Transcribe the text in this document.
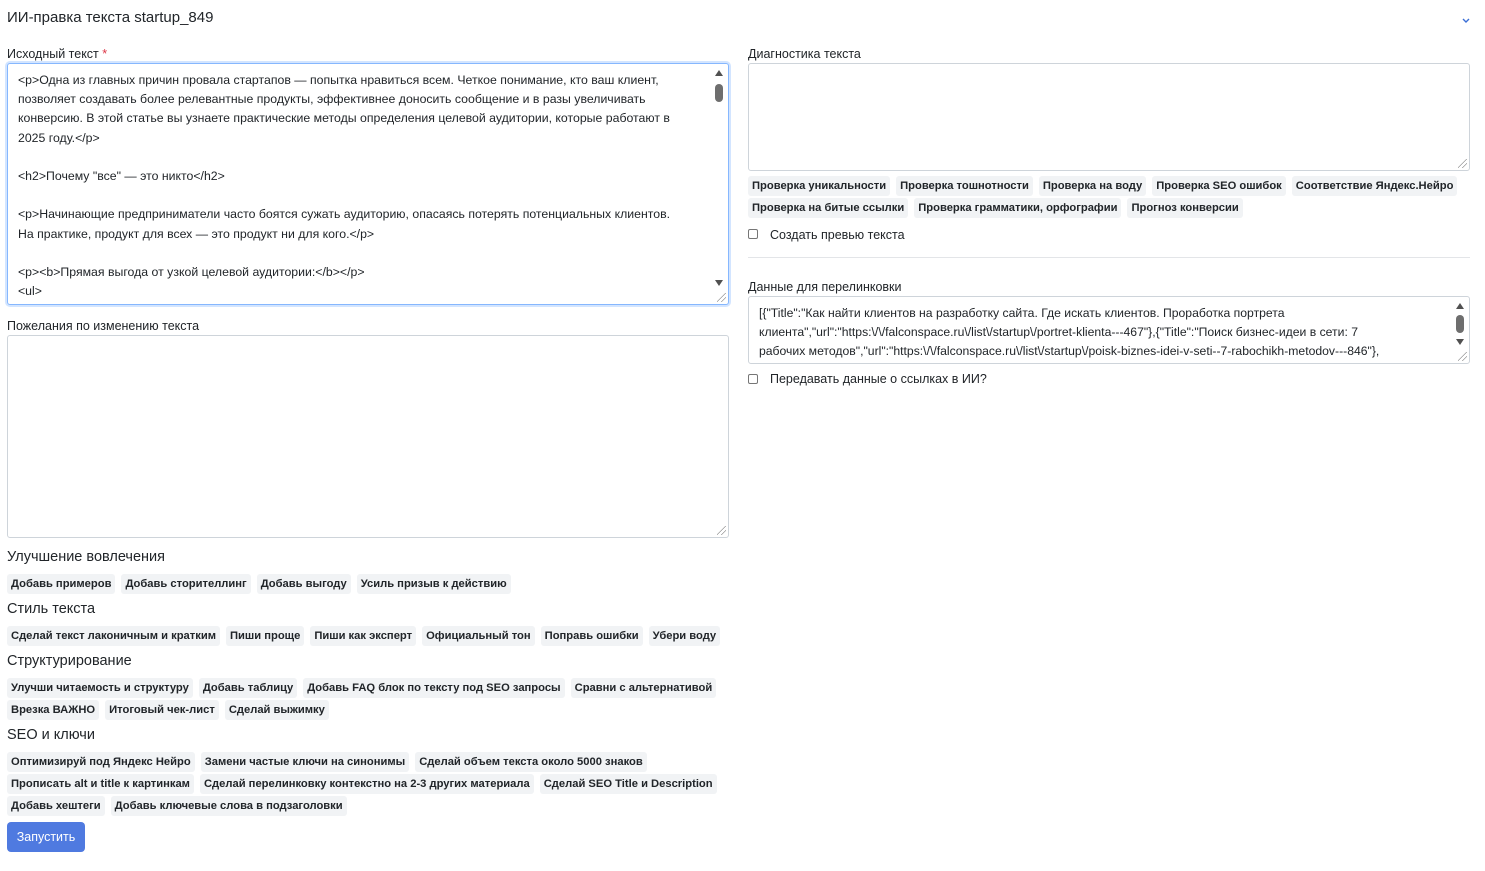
ИИ-правка текста startup_849
Исходный текст *
<p>Одна из главных причин провала стартапов — попытка нравиться всем. Четкое понимание, кто ваш клиент,
позволяет создавать более релевантные продукты, эффективнее доносить сообщение и в разы увеличивать
конверсию. В этой статье вы узнаете практические методы определения целевой аудитории, которые работают в
2025 году.</p>

<h2>Почему "все" — это никто</h2>

<p>Начинающие предприниматели часто боятся сужать аудиторию, опасаясь потерять потенциальных клиентов.
На практике, продукт для всех — это продукт ни для кого.</p>

<p><b>Прямая выгода от узкой целевой аудитории:</b></p>
<ul>
Пожелания по изменению текста
Улучшение вовлечения
Добавь примеров	Добавь сторителлинг	Добавь выгоду	Усиль призыв к действию
Стиль текста
Сделай текст лаконичным и кратким	Пиши проще	Пиши как эксперт	Официальный тон	Поправь ошибки	Убери воду
Структурирование
Улучши читаемость и структуру	Добавь таблицу	Добавь FAQ блок по тексту под SEO запросы	Сравни с альтернативой
Врезка ВАЖНО	Итоговый чек-лист	Сделай выжимку
SEO и ключи
Оптимизируй под Яндекс Нейро	Замени частые ключи на синонимы	Сделай объем текста около 5000 знаков
Прописать alt и title к картинкам	Сделай перелинковку контекстно на 2-3 других материала	Сделай SEO Title и Description
Добавь хештеги	Добавь ключевые слова в подзаголовки
Запустить
Диагностика текста
Проверка уникальности	Проверка тошнотности	Проверка на воду	Проверка SEO ошибок	Соответствие Яндекс.Нейро
Проверка на битые ссылки	Проверка грамматики, орфографии	Прогноз конверсии
Создать превью текста
Данные для перелинковки
[{"Title":"Как найти клиентов на разработку сайта. Где искать клиентов. Проработка портрета
клиента","url":"https:\/\/falconspace.ru\/list\/startup\/portret-klienta---467"},{"Title":"Поиск бизнес-идеи в сети: 7
рабочих методов","url":"https:\/\/falconspace.ru\/list\/startup\/poisk-biznes-idei-v-seti--7-rabochikh-metodov---846"},
Передавать данные о ссылках в ИИ?
